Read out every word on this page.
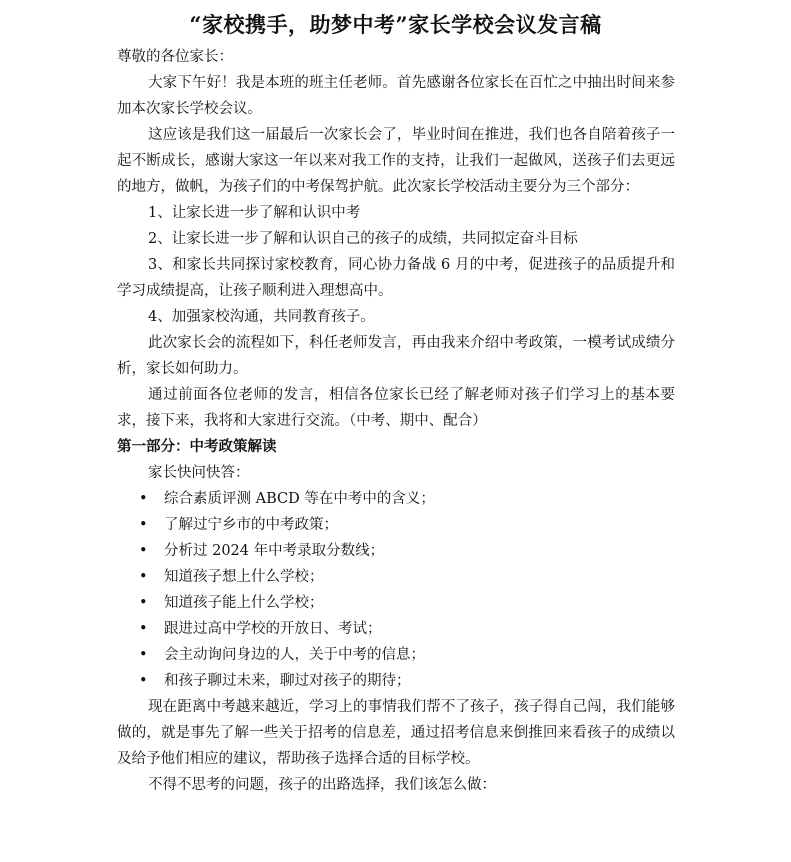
“家校携手，助梦中考”家长学校会议发言稿

尊敬的各位家长：

大家下午好！我是本班的班主任老师。首先感谢各位家长在百忙之中抽出时间来参加本次家长学校会议。

这应该是我们这一届最后一次家长会了，毕业时间在推进，我们也各自陪着孩子一起不断成长，感谢大家这一年以来对我工作的支持，让我们一起做风，送孩子们去更远的地方，做帆，为孩子们的中考保驾护航。此次家长学校活动主要分为三个部分：

1、让家长进一步了解和认识中考

2、让家长进一步了解和认识自己的孩子的成绩，共同拟定奋斗目标

3、和家长共同探讨家校教育，同心协力备战 6 月的中考，促进孩子的品质提升和学习成绩提高，让孩子顺利进入理想高中。

4、加强家校沟通，共同教育孩子。

此次家长会的流程如下，科任老师发言，再由我来介绍中考政策，一模考试成绩分析，家长如何助力。

通过前面各位老师的发言，相信各位家长已经了解老师对孩子们学习上的基本要求，接下来，我将和大家进行交流。（中考、期中、配合）

第一部分：中考政策解读

家长快问快答：

• 综合素质评测 ABCD 等在中考中的含义；
• 了解过宁乡市的中考政策；
• 分析过 2024 年中考录取分数线；
• 知道孩子想上什么学校；
• 知道孩子能上什么学校；
• 跟进过高中学校的开放日、考试；
• 会主动询问身边的人，关于中考的信息；
• 和孩子聊过未来，聊过对孩子的期待；

现在距离中考越来越近，学习上的事情我们帮不了孩子，孩子得自己闯，我们能够做的，就是事先了解一些关于招考的信息差，通过招考信息来倒推回来看孩子的成绩以及给予他们相应的建议，帮助孩子选择合适的目标学校。

不得不思考的问题，孩子的出路选择，我们该怎么做：
